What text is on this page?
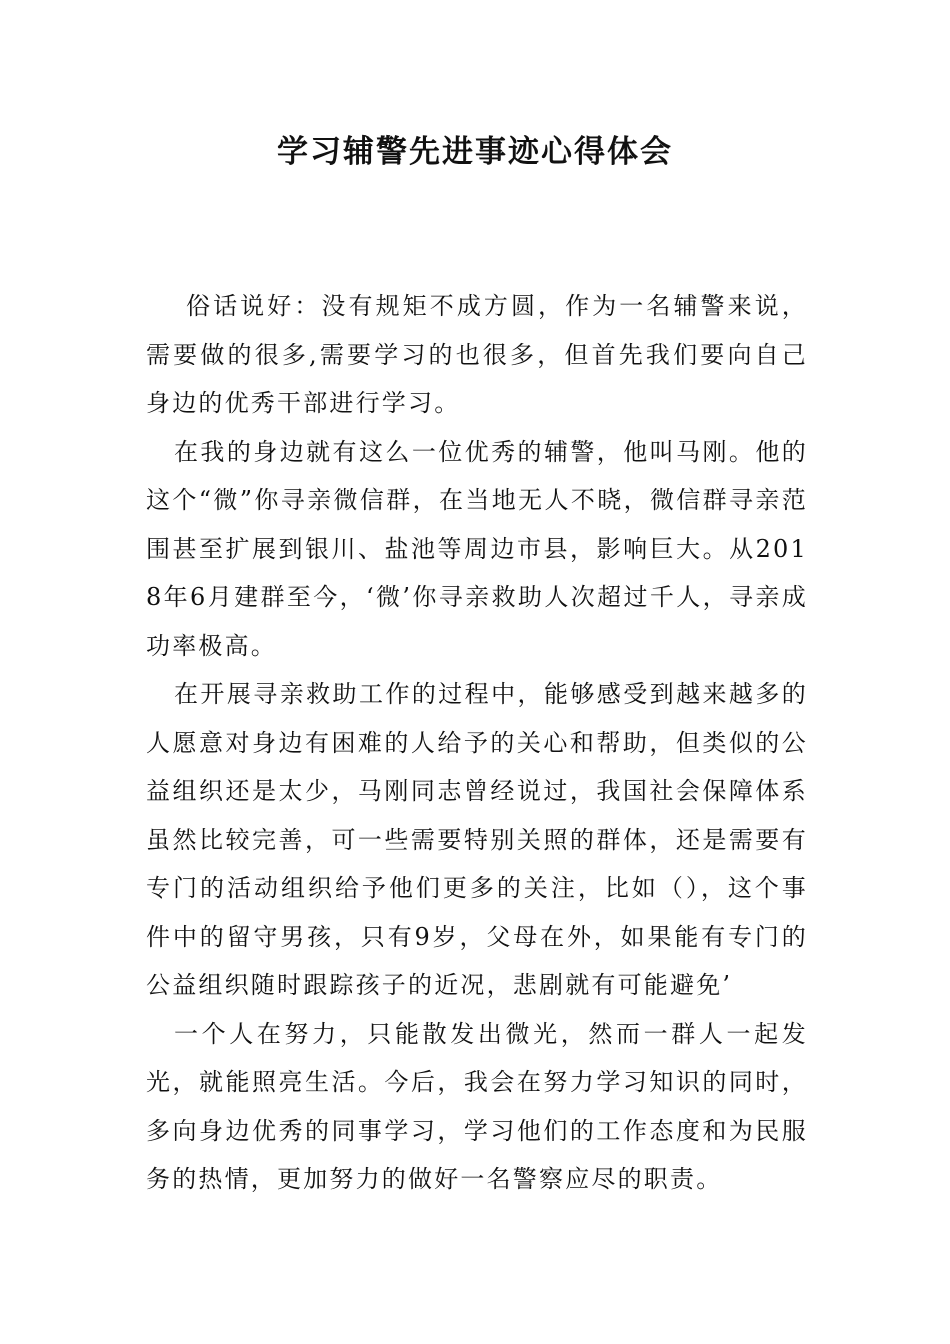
学习辅警先进事迹心得体会

俗话说好：没有规矩不成方圆，作为一名辅警来说，需要做的很多,需要学习的也很多，但首先我们要向自己身边的优秀干部进行学习。

在我的身边就有这么一位优秀的辅警，他叫马刚。他的这个“微”你寻亲微信群，在当地无人不晓，微信群寻亲范围甚至扩展到银川、盐池等周边市县，影响巨大。从2018年6月建群至今，‘微’你寻亲救助人次超过千人，寻亲成功率极高。

在开展寻亲救助工作的过程中，能够感受到越来越多的人愿意对身边有困难的人给予的关心和帮助，但类似的公益组织还是太少，马刚同志曾经说过，我国社会保障体系虽然比较完善，可一些需要特别关照的群体，还是需要有专门的活动组织给予他们更多的关注，比如（），这个事件中的留守男孩，只有9岁，父母在外，如果能有专门的公益组织随时跟踪孩子的近况，悲剧就有可能避免’

一个人在努力，只能散发出微光，然而一群人一起发光，就能照亮生活。今后，我会在努力学习知识的同时，多向身边优秀的同事学习，学习他们的工作态度和为民服务的热情，更加努力的做好一名警察应尽的职责。
